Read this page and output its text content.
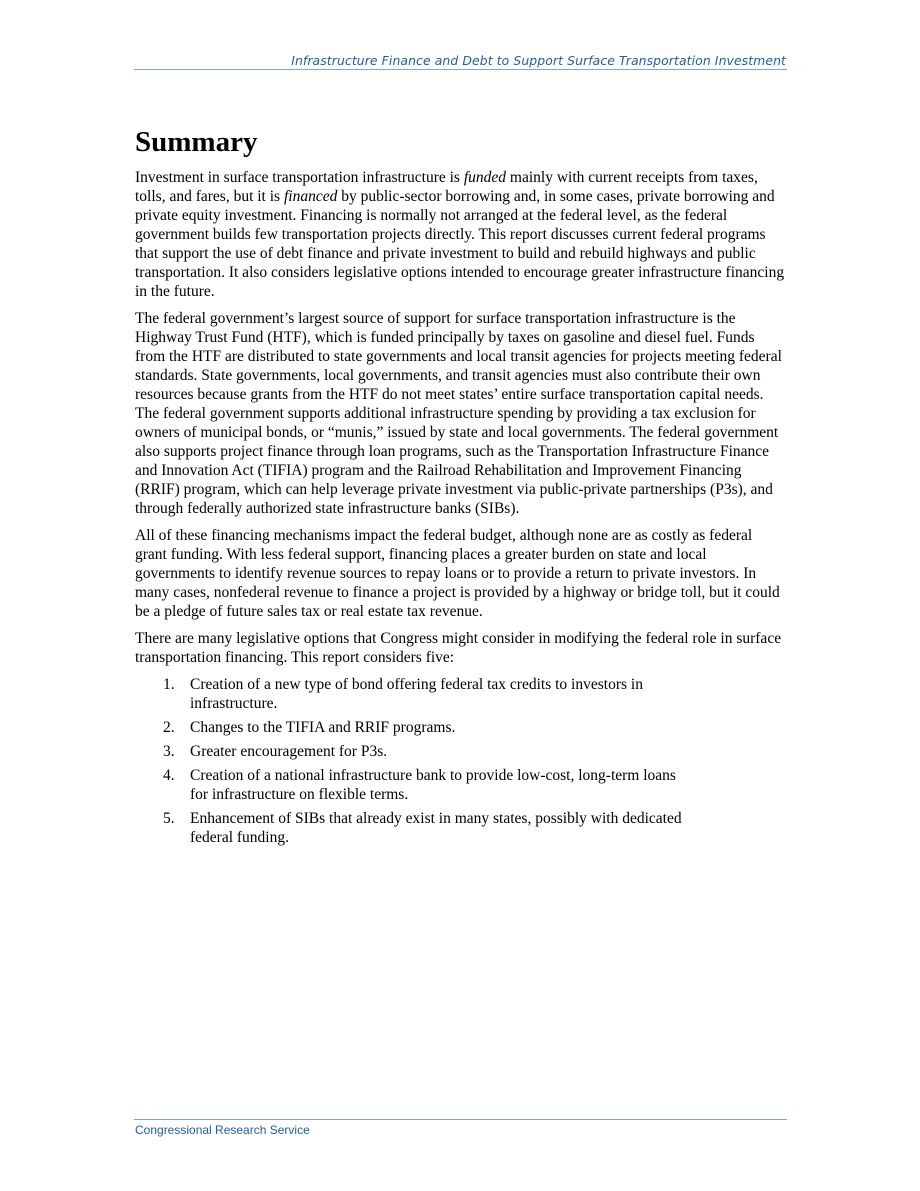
Infrastructure Finance and Debt to Support Surface Transportation Investment
Summary

Investment in surface transportation infrastructure is funded mainly with current receipts from taxes, tolls, and fares, but it is financed by public-sector borrowing and, in some cases, private borrowing and private equity investment. Financing is normally not arranged at the federal level, as the federal government builds few transportation projects directly. This report discusses current federal programs that support the use of debt finance and private investment to build and rebuild highways and public transportation. It also considers legislative options intended to encourage greater infrastructure financing in the future.

The federal government’s largest source of support for surface transportation infrastructure is the Highway Trust Fund (HTF), which is funded principally by taxes on gasoline and diesel fuel. Funds from the HTF are distributed to state governments and local transit agencies for projects meeting federal standards. State governments, local governments, and transit agencies must also contribute their own resources because grants from the HTF do not meet states’ entire surface transportation capital needs. The federal government supports additional infrastructure spending by providing a tax exclusion for owners of municipal bonds, or “munis,” issued by state and local governments. The federal government also supports project finance through loan programs, such as the Transportation Infrastructure Finance and Innovation Act (TIFIA) program and the Railroad Rehabilitation and Improvement Financing (RRIF) program, which can help leverage private investment via public-private partnerships (P3s), and through federally authorized state infrastructure banks (SIBs).

All of these financing mechanisms impact the federal budget, although none are as costly as federal grant funding. With less federal support, financing places a greater burden on state and local governments to identify revenue sources to repay loans or to provide a return to private investors. In many cases, nonfederal revenue to finance a project is provided by a highway or bridge toll, but it could be a pledge of future sales tax or real estate tax revenue.

There are many legislative options that Congress might consider in modifying the federal role in surface transportation financing. This report considers five:

1. Creation of a new type of bond offering federal tax credits to investors in infrastructure.
2. Changes to the TIFIA and RRIF programs.
3. Greater encouragement for P3s.
4. Creation of a national infrastructure bank to provide low-cost, long-term loans for infrastructure on flexible terms.
5. Enhancement of SIBs that already exist in many states, possibly with dedicated federal funding.
Congressional Research Service
